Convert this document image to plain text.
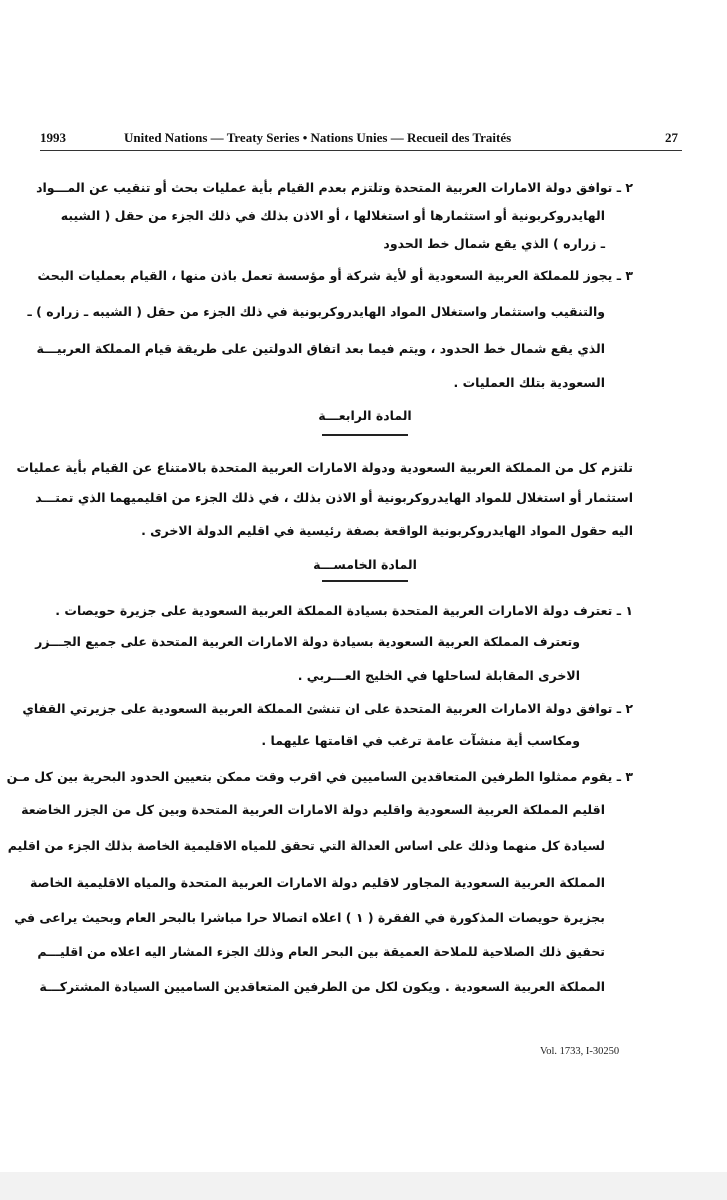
1993	United Nations — Treaty Series • Nations Unies — Recueil des Traités	27
٢ ـ توافق دولة الامارات العربية المتحدة وتلتزم بعدم القيام بأية عمليات بحث أو تنقيب عن المـــواد
الهايدروكربونية أو استثمارها أو استغلالها ، أو الاذن بذلك في ذلك الجزء من حقل ( الشيبه
ـ زراره ) الذي يقع شمال خط الحدود
٣ ـ يجوز للمملكة العربية السعودية أو لأية شركة أو مؤسسة تعمل باذن منها ، القيام بعمليات البحث
والتنقيب واستثمار واستغلال المواد الهايدروكربونية في ذلك الجزء من حقل ( الشيبه ـ زراره ) ـ
الذي يقع شمال خط الحدود ، ويتم فيما بعد اتفاق الدولتين على طريقة قيام المملكة العربيـــة
السعودية بتلك العمليات .
المادة الرابعـــة
تلتزم كل من المملكة العربية السعودية ودولة الامارات العربية المتحدة بالامتناع عن القيام بأية عمليات
استثمار أو استغلال للمواد الهايدروكربونية أو الاذن بذلك ، في ذلك الجزء من اقليميهما الذي تمتـــد
اليه حقول المواد الهايدروكربونية الواقعة بصفة رئيسية في اقليم الدولة الاخرى .
المادة الخامســـة
١ ـ تعترف دولة الامارات العربية المتحدة بسيادة المملكة العربية السعودية على جزيرة حويصات .
وتعترف المملكة العربية السعودية بسيادة دولة الامارات العربية المتحدة على جميع الجـــزر
الاخرى المقابلة لساحلها في الخليج العـــربي .
٢ ـ توافق دولة الامارات العربية المتحدة على ان تنشئ المملكة العربية السعودية على جزيرتي القفاي
ومكاسب أية منشآت عامة ترغب في اقامتها عليهما .
٣ ـ يقوم ممثلوا الطرفين المتعاقدين الساميين في اقرب وقت ممكن بتعيين الحدود البحرية بين كل مـن
اقليم المملكة العربية السعودية واقليم دولة الامارات العربية المتحدة وبين كل من الجزر الخاضعة
لسيادة كل منهما وذلك على اساس العدالة التي تحقق للمياه الاقليمية الخاصة بذلك الجزء من اقليم
المملكة العربية السعودية المجاور لاقليم دولة الامارات العربية المتحدة والمياه الاقليمية الخاصة
بجزيرة حويصات المذكورة في الفقرة ( ١ ) اعلاه اتصالا حرا مباشرا بالبحر العام وبحيث يراعى في
تحقيق ذلك الصلاحية للملاحة العميقة بين البحر العام وذلك الجزء المشار اليه اعلاه من اقليـــم
المملكة العربية السعودية . ويكون لكل من الطرفين المتعاقدين الساميين السيادة المشتركـــة
Vol. 1733, I-30250
